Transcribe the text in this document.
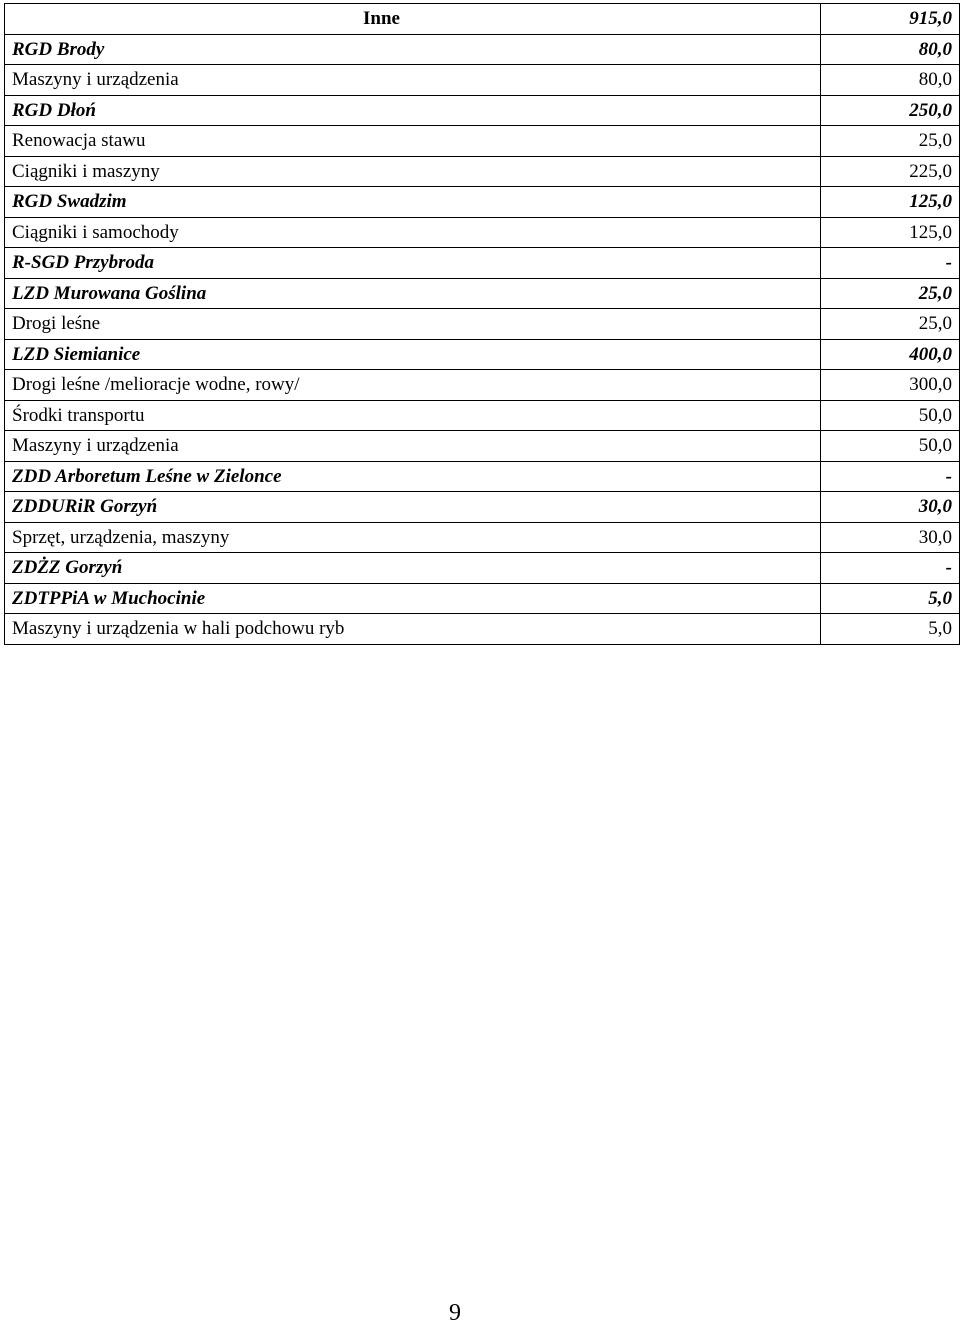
Inne	915,0
RGD Brody	80,0
Maszyny i urządzenia	80,0
RGD Dłoń	250,0
Renowacja stawu	25,0
Ciągniki i maszyny	225,0
RGD Swadzim	125,0
Ciągniki i samochody	125,0
R-SGD Przybroda	-
LZD Murowana Goślina	25,0
Drogi leśne	25,0
LZD Siemianice	400,0
Drogi leśne /melioracje wodne, rowy/	300,0
Środki transportu	50,0
Maszyny i urządzenia	50,0
ZDD Arboretum Leśne w Zielonce	-
ZDDURiR Gorzyń	30,0
Sprzęt, urządzenia, maszyny	30,0
ZDŻZ Gorzyń	-
ZDTPPiA w Muchocinie	5,0
Maszyny i urządzenia w hali podchowu ryb	5,0
9
